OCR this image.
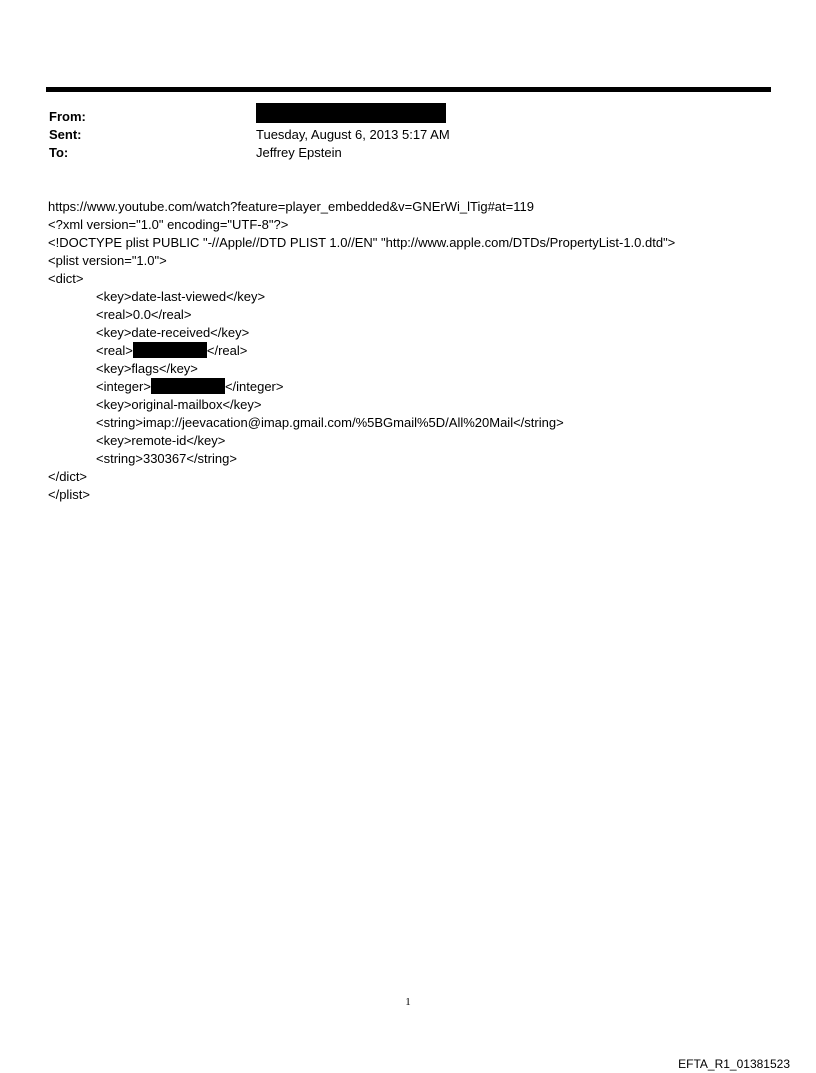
From:
Sent:	Tuesday, August 6, 2013 5:17 AM
To:	Jeffrey Epstein
https://www.youtube.com/watch?feature=player_embedded&v=GNErWi_lTig#at=119
<?xml version="1.0" encoding="UTF-8"?>
<!DOCTYPE plist PUBLIC "-//Apple//DTD PLIST 1.0//EN" "http://www.apple.com/DTDs/PropertyList-1.0.dtd">
<plist version="1.0">
<dict>
<key>date-last-viewed</key>
<real>0.0</real>
<key>date-received</key>
<real>	</real>
<key>flags</key>
<integer>	</integer>
<key>original-mailbox</key>
<string>imap://jeevacation@imap.gmail.com/%5BGmail%5D/All%20Mail</string>
<key>remote-id</key>
<string>330367</string>
</dict>
</plist>
1
EFTA_R1_01381523
